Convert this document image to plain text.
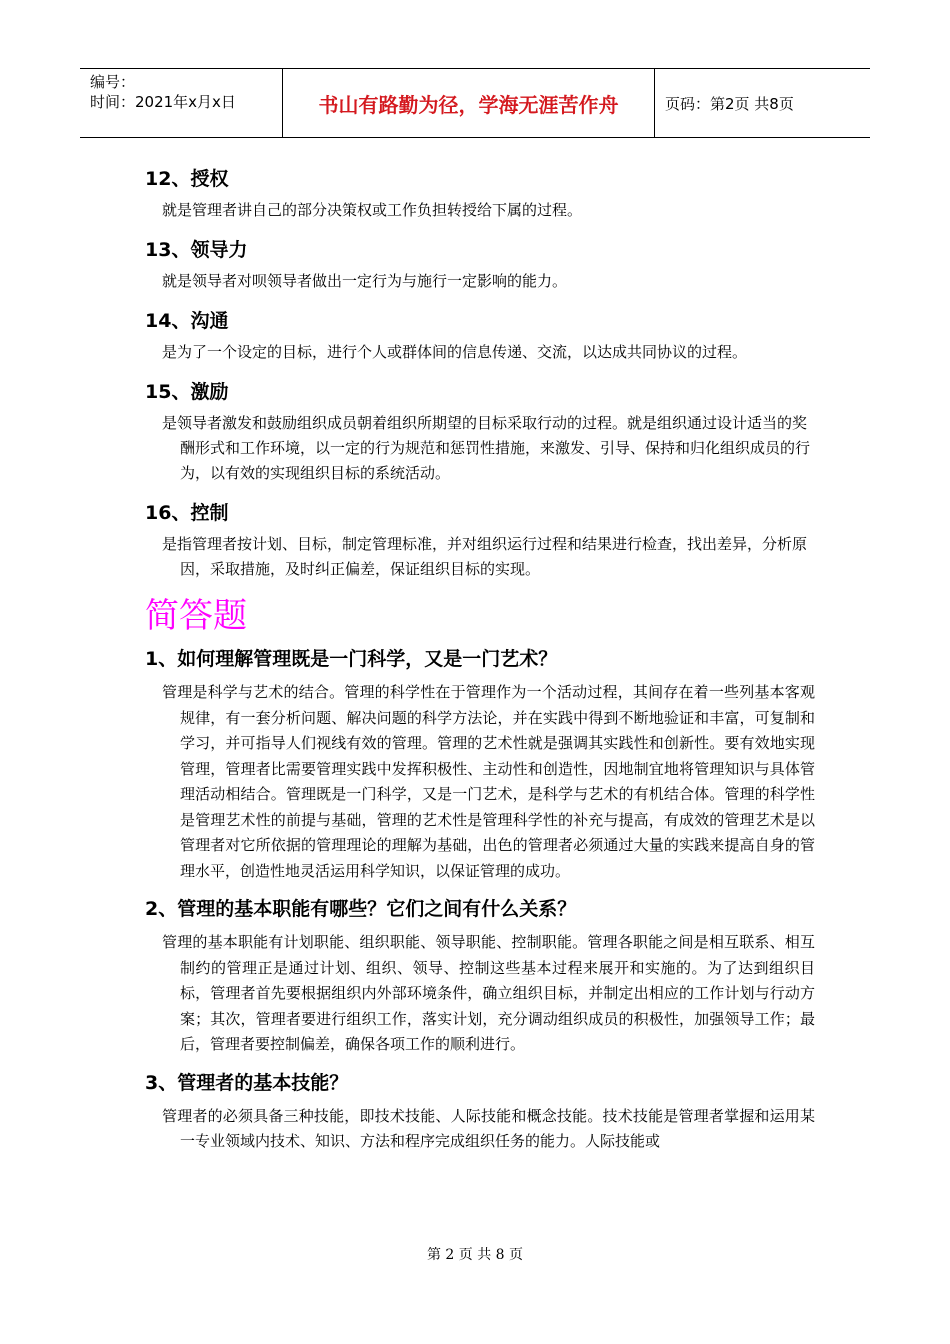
编号：
时间：2021年x月x日	书山有路勤为径，学海无涯苦作舟	页码：第2页 共8页
12、授权
就是管理者讲自己的部分决策权或工作负担转授给下属的过程。
13、领导力
就是领导者对呗领导者做出一定行为与施行一定影响的能力。
14、沟通
是为了一个设定的目标，进行个人或群体间的信息传递、交流，以达成共同协议的过程。
15、激励
是领导者激发和鼓励组织成员朝着组织所期望的目标采取行动的过程。就是组织通过设计适当的奖酬形式和工作环境，以一定的行为规范和惩罚性措施，来激发、引导、保持和归化组织成员的行为，以有效的实现组织目标的系统活动。
16、控制
是指管理者按计划、目标，制定管理标准，并对组织运行过程和结果进行检查，找出差异，分析原因，采取措施，及时纠正偏差，保证组织目标的实现。
简答题
1、如何理解管理既是一门科学，又是一门艺术？
管理是科学与艺术的结合。管理的科学性在于管理作为一个活动过程，其间存在着一些列基本客观规律，有一套分析问题、解决问题的科学方法论，并在实践中得到不断地验证和丰富，可复制和学习，并可指导人们视线有效的管理。管理的艺术性就是强调其实践性和创新性。要有效地实现管理，管理者比需要管理实践中发挥积极性、主动性和创造性，因地制宜地将管理知识与具体管理活动相结合。管理既是一门科学，又是一门艺术，是科学与艺术的有机结合体。管理的科学性是管理艺术性的前提与基础，管理的艺术性是管理科学性的补充与提高，有成效的管理艺术是以管理者对它所依据的管理理论的理解为基础，出色的管理者必须通过大量的实践来提高自身的管理水平，创造性地灵活运用科学知识，以保证管理的成功。
2、管理的基本职能有哪些？它们之间有什么关系？
管理的基本职能有计划职能、组织职能、领导职能、控制职能。管理各职能之间是相互联系、相互制约的管理正是通过计划、组织、领导、控制这些基本过程来展开和实施的。为了达到组织目标，管理者首先要根据组织内外部环境条件，确立组织目标，并制定出相应的工作计划与行动方案；其次，管理者要进行组织工作，落实计划，充分调动组织成员的积极性，加强领导工作；最后，管理者要控制偏差，确保各项工作的顺利进行。
3、管理者的基本技能？
管理者的必须具备三种技能，即技术技能、人际技能和概念技能。技术技能是管理者掌握和运用某一专业领域内技术、知识、方法和程序完成组织任务的能力。人际技能或
第 2 页 共 8 页
